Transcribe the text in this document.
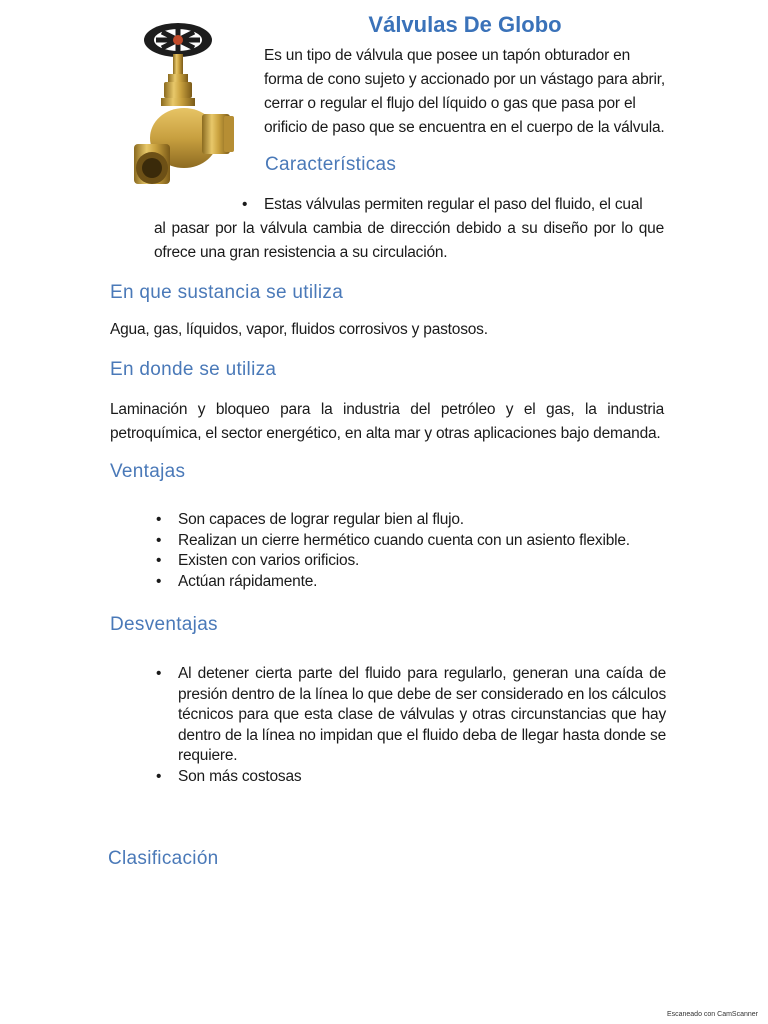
Válvulas De Globo
Es un tipo de válvula que posee un tapón obturador en forma de cono sujeto y accionado por un vástago para abrir, cerrar o regular el flujo del líquido o gas que pasa por el orificio de paso que se encuentra en el cuerpo de la válvula.
Características
• Estas válvulas permiten regular el paso del fluido, el cual
al pasar por la válvula cambia de dirección debido a su diseño por lo que ofrece una gran resistencia a su circulación.
En que sustancia se utiliza
Agua, gas, líquidos, vapor, fluidos corrosivos y pastosos.
En donde se utiliza
Laminación y bloqueo para la industria del petróleo y el gas, la industria petroquímica, el sector energético, en alta mar y otras aplicaciones bajo demanda.
Ventajas
• Son capaces de lograr regular bien al flujo.
• Realizan un cierre hermético cuando cuenta con un asiento flexible.
• Existen con varios orificios.
• Actúan rápidamente.
Desventajas
• Al detener cierta parte del fluido para regularlo, generan una caída de presión dentro de la línea lo que debe de ser considerado en los cálculos técnicos para que esta clase de válvulas y otras circunstancias que hay dentro de la línea no impidan que el fluido deba de llegar hasta donde se requiere.
• Son más costosas
Clasificación
Escaneado con CamScanner
